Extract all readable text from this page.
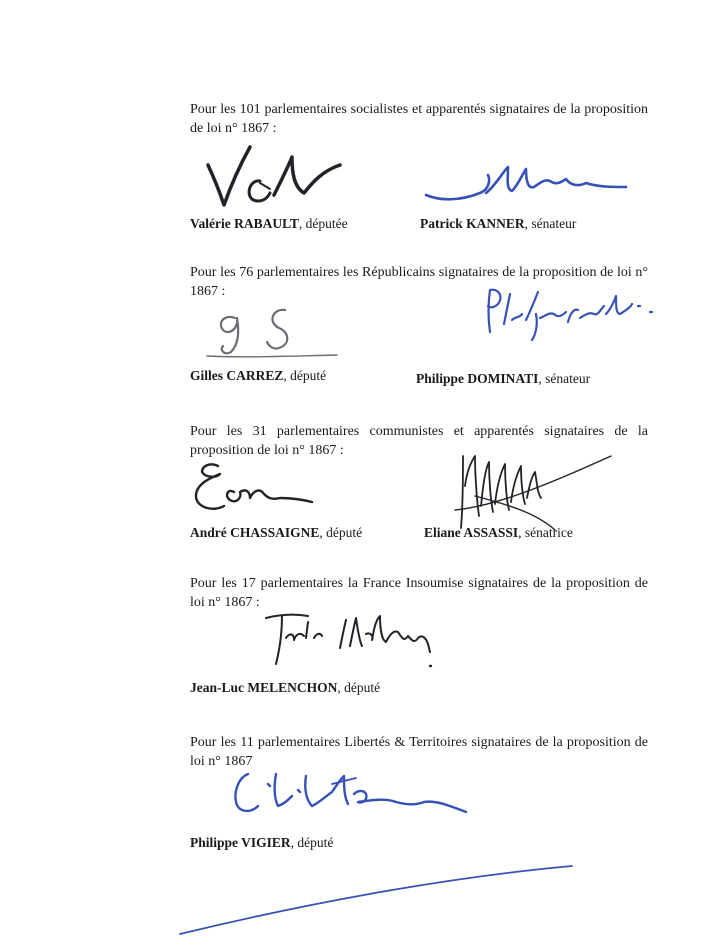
Pour les 101 parlementaires socialistes et apparentés signataires de la proposition de loi n° 1867 :

Valérie RABAULT, députée	Patrick KANNER, sénateur

Pour les 76 parlementaires les Républicains signataires de la proposition de loi n° 1867 :

Gilles CARREZ, député	Philippe DOMINATI, sénateur

Pour les 31 parlementaires communistes et apparentés signataires de la proposition de loi n° 1867 :

André CHASSAIGNE, député	Eliane ASSASSI, sénatrice

Pour les 17 parlementaires la France Insoumise signataires de la proposition de loi n° 1867 :

Jean-Luc MELENCHON, député

Pour les 11 parlementaires Libertés & Territoires signataires de la proposition de loi n° 1867

Philippe VIGIER, député
